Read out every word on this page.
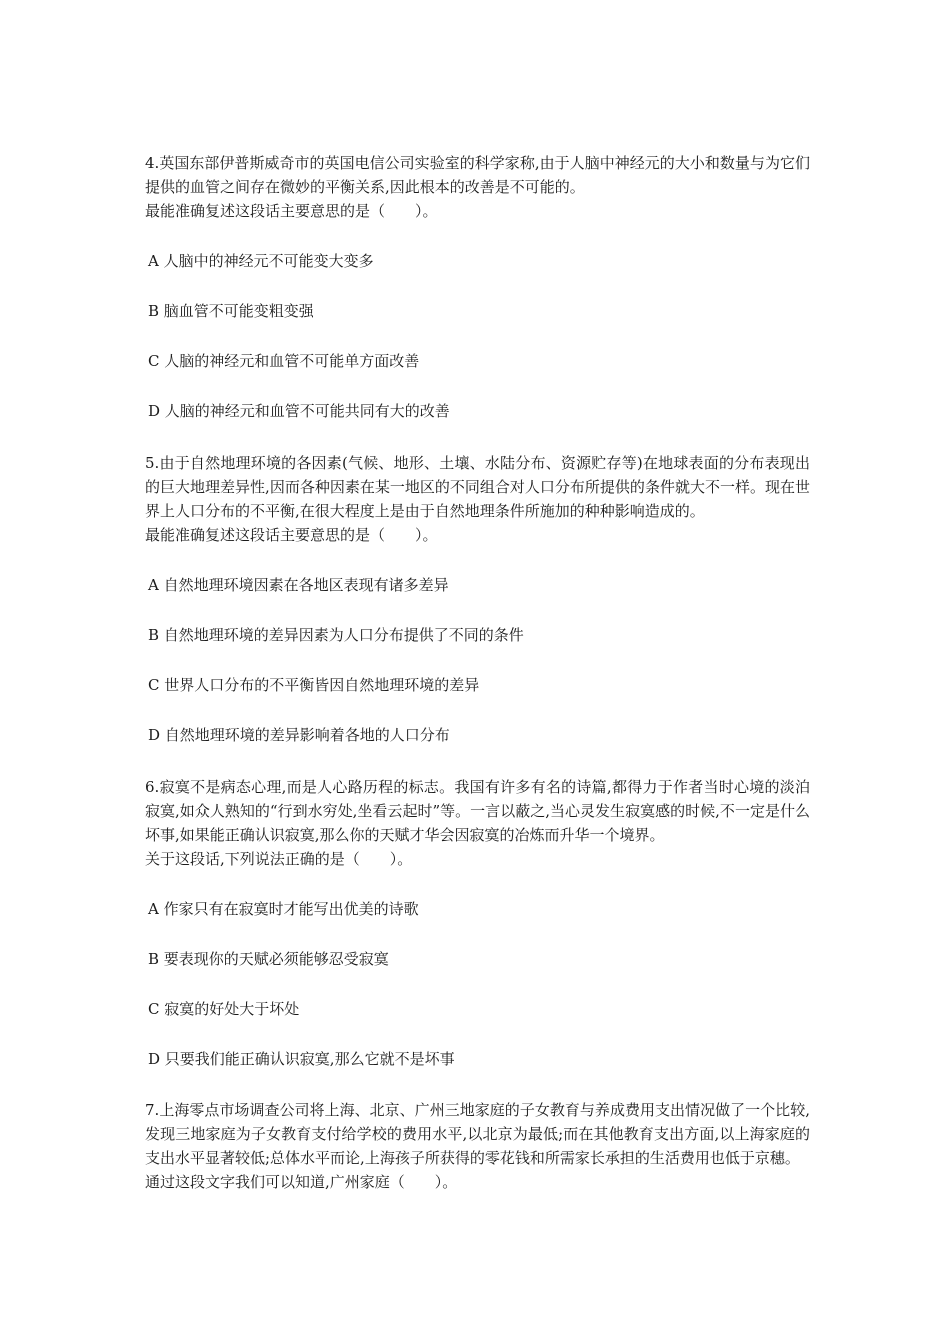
4.英国东部伊普斯威奇市的英国电信公司实验室的科学家称,由于人脑中神经元的大小和数量与为它们提供的血管之间存在微妙的平衡关系,因此根本的改善是不可能的。

最能准确复述这段话主要意思的是（　　）。

A 人脑中的神经元不可能变大变多

B 脑血管不可能变粗变强

C 人脑的神经元和血管不可能单方面改善

D 人脑的神经元和血管不可能共同有大的改善

5.由于自然地理环境的各因素(气候、地形、土壤、水陆分布、资源贮存等)在地球表面的分布表现出的巨大地理差异性,因而各种因素在某一地区的不同组合对人口分布所提供的条件就大不一样。现在世界上人口分布的不平衡,在很大程度上是由于自然地理条件所施加的种种影响造成的。

最能准确复述这段话主要意思的是（　　）。

A 自然地理环境因素在各地区表现有诸多差异

B 自然地理环境的差异因素为人口分布提供了不同的条件

C 世界人口分布的不平衡皆因自然地理环境的差异

D 自然地理环境的差异影响着各地的人口分布

6.寂寞不是病态心理,而是人心路历程的标志。我国有许多有名的诗篇,都得力于作者当时心境的淡泊寂寞,如众人熟知的“行到水穷处,坐看云起时”等。一言以蔽之,当心灵发生寂寞感的时候,不一定是什么坏事,如果能正确认识寂寞,那么你的天赋才华会因寂寞的冶炼而升华一个境界。

关于这段话,下列说法正确的是（　　）。

A 作家只有在寂寞时才能写出优美的诗歌

B 要表现你的天赋必须能够忍受寂寞

C 寂寞的好处大于坏处

D 只要我们能正确认识寂寞,那么它就不是坏事

7.上海零点市场调查公司将上海、北京、广州三地家庭的子女教育与养成费用支出情况做了一个比较,发现三地家庭为子女教育支付给学校的费用水平,以北京为最低;而在其他教育支出方面,以上海家庭的支出水平显著较低;总体水平而论,上海孩子所获得的零花钱和所需家长承担的生活费用也低于京穗。

通过这段文字我们可以知道,广州家庭（　　）。
